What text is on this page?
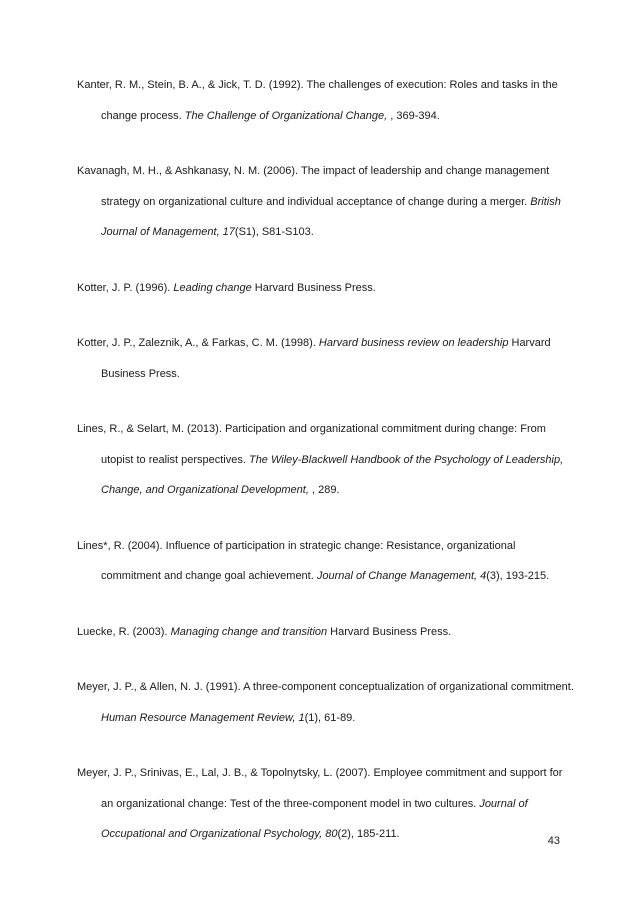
Kanter, R. M., Stein, B. A., & Jick, T. D. (1992). The challenges of execution: Roles and tasks in the change process. The Challenge of Organizational Change, , 369-394.

Kavanagh, M. H., & Ashkanasy, N. M. (2006). The impact of leadership and change management strategy on organizational culture and individual acceptance of change during a merger. British Journal of Management, 17(S1), S81-S103.

Kotter, J. P. (1996). Leading change Harvard Business Press.

Kotter, J. P., Zaleznik, A., & Farkas, C. M. (1998). Harvard business review on leadership Harvard Business Press.

Lines, R., & Selart, M. (2013). Participation and organizational commitment during change: From utopist to realist perspectives. The Wiley-Blackwell Handbook of the Psychology of Leadership, Change, and Organizational Development, , 289.

Lines*, R. (2004). Influence of participation in strategic change: Resistance, organizational commitment and change goal achievement. Journal of Change Management, 4(3), 193-215.

Luecke, R. (2003). Managing change and transition Harvard Business Press.

Meyer, J. P., & Allen, N. J. (1991). A three-component conceptualization of organizational commitment. Human Resource Management Review, 1(1), 61-89.

Meyer, J. P., Srinivas, E., Lal, J. B., & Topolnytsky, L. (2007). Employee commitment and support for an organizational change: Test of the three-component model in two cultures. Journal of Occupational and Organizational Psychology, 80(2), 185-211.

43
